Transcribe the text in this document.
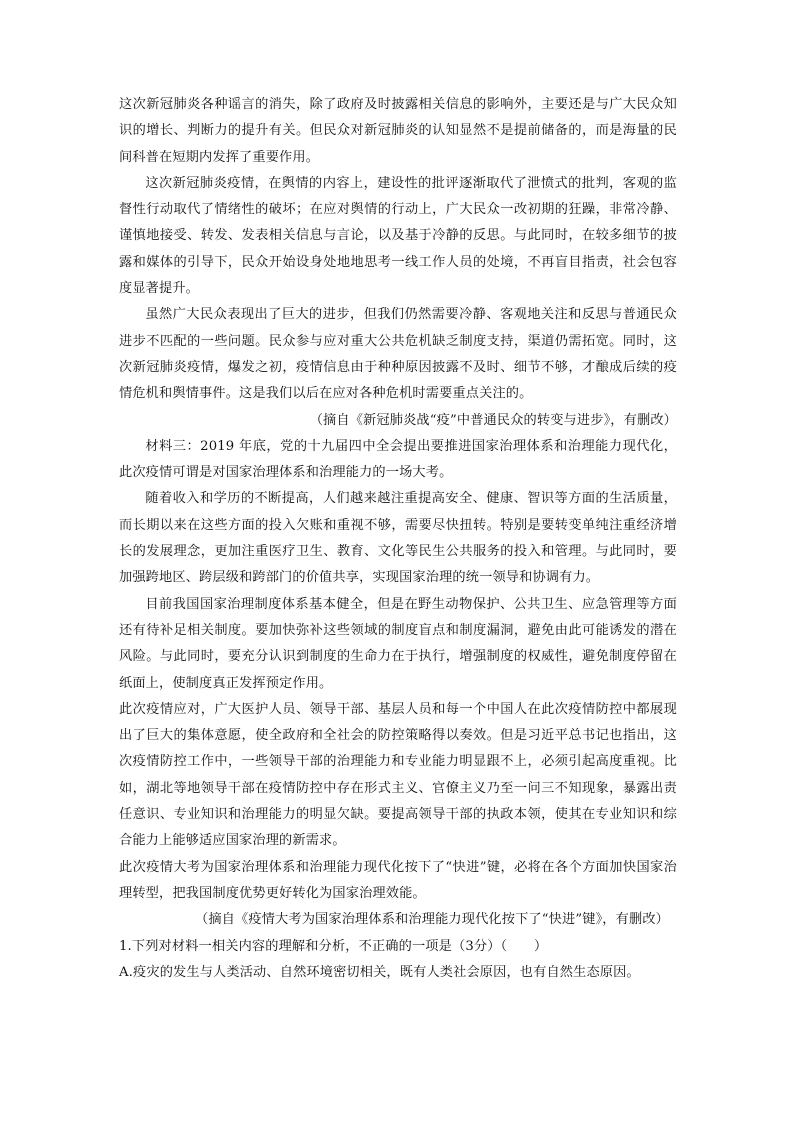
这次新冠肺炎各种谣言的消失，除了政府及时披露相关信息的影响外，主要还是与广大民众知识的增长、判断力的提升有关。但民众对新冠肺炎的认知显然不是提前储备的，而是海量的民间科普在短期内发挥了重要作用。

这次新冠肺炎疫情，在舆情的内容上，建设性的批评逐渐取代了泄愤式的批判，客观的监督性行动取代了情绪性的破坏；在应对舆情的行动上，广大民众一改初期的狂躁，非常冷静、谨慎地接受、转发、发表相关信息与言论，以及基于冷静的反思。与此同时，在较多细节的披露和媒体的引导下，民众开始设身处地地思考一线工作人员的处境，不再盲目指责，社会包容度显著提升。

虽然广大民众表现出了巨大的进步，但我们仍然需要冷静、客观地关注和反思与普通民众进步不匹配的一些问题。民众参与应对重大公共危机缺乏制度支持，渠道仍需拓宽。同时，这次新冠肺炎疫情，爆发之初，疫情信息由于种种原因披露不及时、细节不够，才酿成后续的疫情危机和舆情事件。这是我们以后在应对各种危机时需要重点关注的。

（摘自《新冠肺炎战“疫”中普通民众的转变与进步》，有删改）

材料三：2019 年底，党的十九届四中全会提出要推进国家治理体系和治理能力现代化，此次疫情可谓是对国家治理体系和治理能力的一场大考。

随着收入和学历的不断提高，人们越来越注重提高安全、健康、智识等方面的生活质量，而长期以来在这些方面的投入欠账和重视不够，需要尽快扭转。特别是要转变单纯注重经济增长的发展理念，更加注重医疗卫生、教育、文化等民生公共服务的投入和管理。与此同时，要加强跨地区、跨层级和跨部门的价值共享，实现国家治理的统一领导和协调有力。

目前我国国家治理制度体系基本健全，但是在野生动物保护、公共卫生、应急管理等方面还有待补足相关制度。要加快弥补这些领域的制度盲点和制度漏洞，避免由此可能诱发的潜在风险。与此同时，要充分认识到制度的生命力在于执行，增强制度的权威性，避免制度停留在纸面上，使制度真正发挥预定作用。

此次疫情应对，广大医护人员、领导干部、基层人员和每一个中国人在此次疫情防控中都展现出了巨大的集体意愿，使全政府和全社会的防控策略得以奏效。但是习近平总书记也指出，这次疫情防控工作中，一些领导干部的治理能力和专业能力明显跟不上，必须引起高度重视。比如，湖北等地领导干部在疫情防控中存在形式主义、官僚主义乃至一问三不知现象，暴露出责任意识、专业知识和治理能力的明显欠缺。要提高领导干部的执政本领，使其在专业知识和综合能力上能够适应国家治理的新需求。

此次疫情大考为国家治理体系和治理能力现代化按下了“快进”键，必将在各个方面加快国家治理转型，把我国制度优势更好转化为国家治理效能。

（摘自《疫情大考为国家治理体系和治理能力现代化按下了“快进”键》，有删改）

1.下列对材料一相关内容的理解和分析，不正确的一项是（3分）（　　）

A.疫灾的发生与人类活动、自然环境密切相关，既有人类社会原因，也有自然生态原因。
